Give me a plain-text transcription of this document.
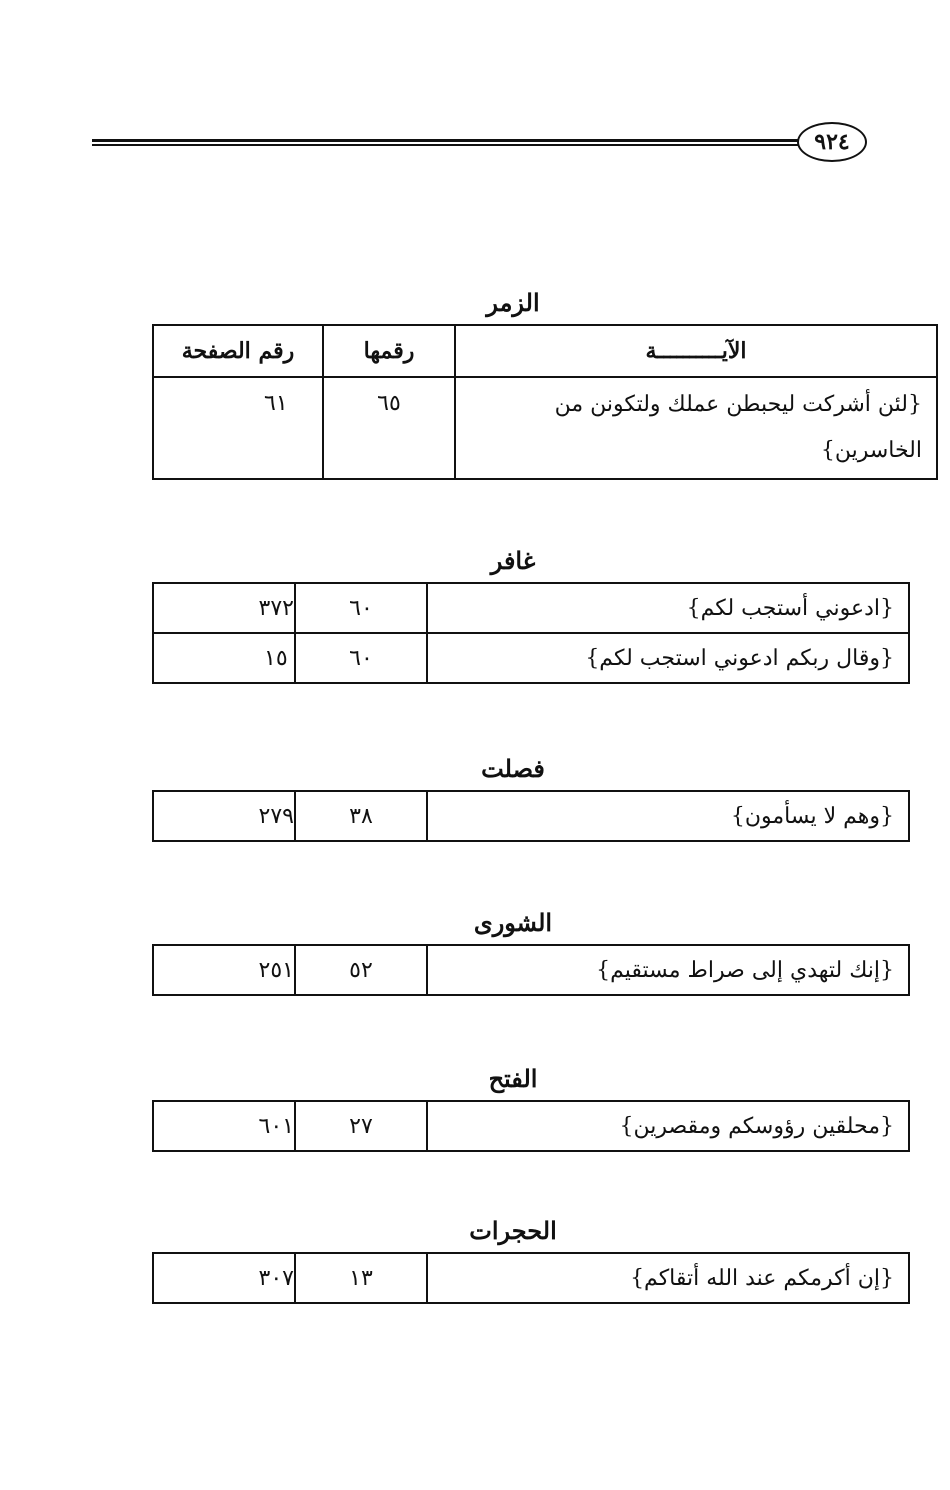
٩٢٤
الزمر
الآيــــــــــة	رقمها	رقم الصفحة
{لئن أشركت ليحبطن عملك ولتكونن من الخاسرين}	٦٥	٦١
غافر
{ادعوني أستجب لكم}	٦٠	٣٧٢
{وقال ربكم ادعوني استجب لكم}	٦٠	١٥
فصلت
{وهم لا يسأمون}	٣٨	٢٧٩
الشورى
{إنك لتهدي إلى صراط مستقيم}	٥٢	٢٥١
الفتح
{محلقين رؤوسكم ومقصرين}	٢٧	٦٠١
الحجرات
{إن أكرمكم عند الله أتقاكم}	١٣	٣٠٧
